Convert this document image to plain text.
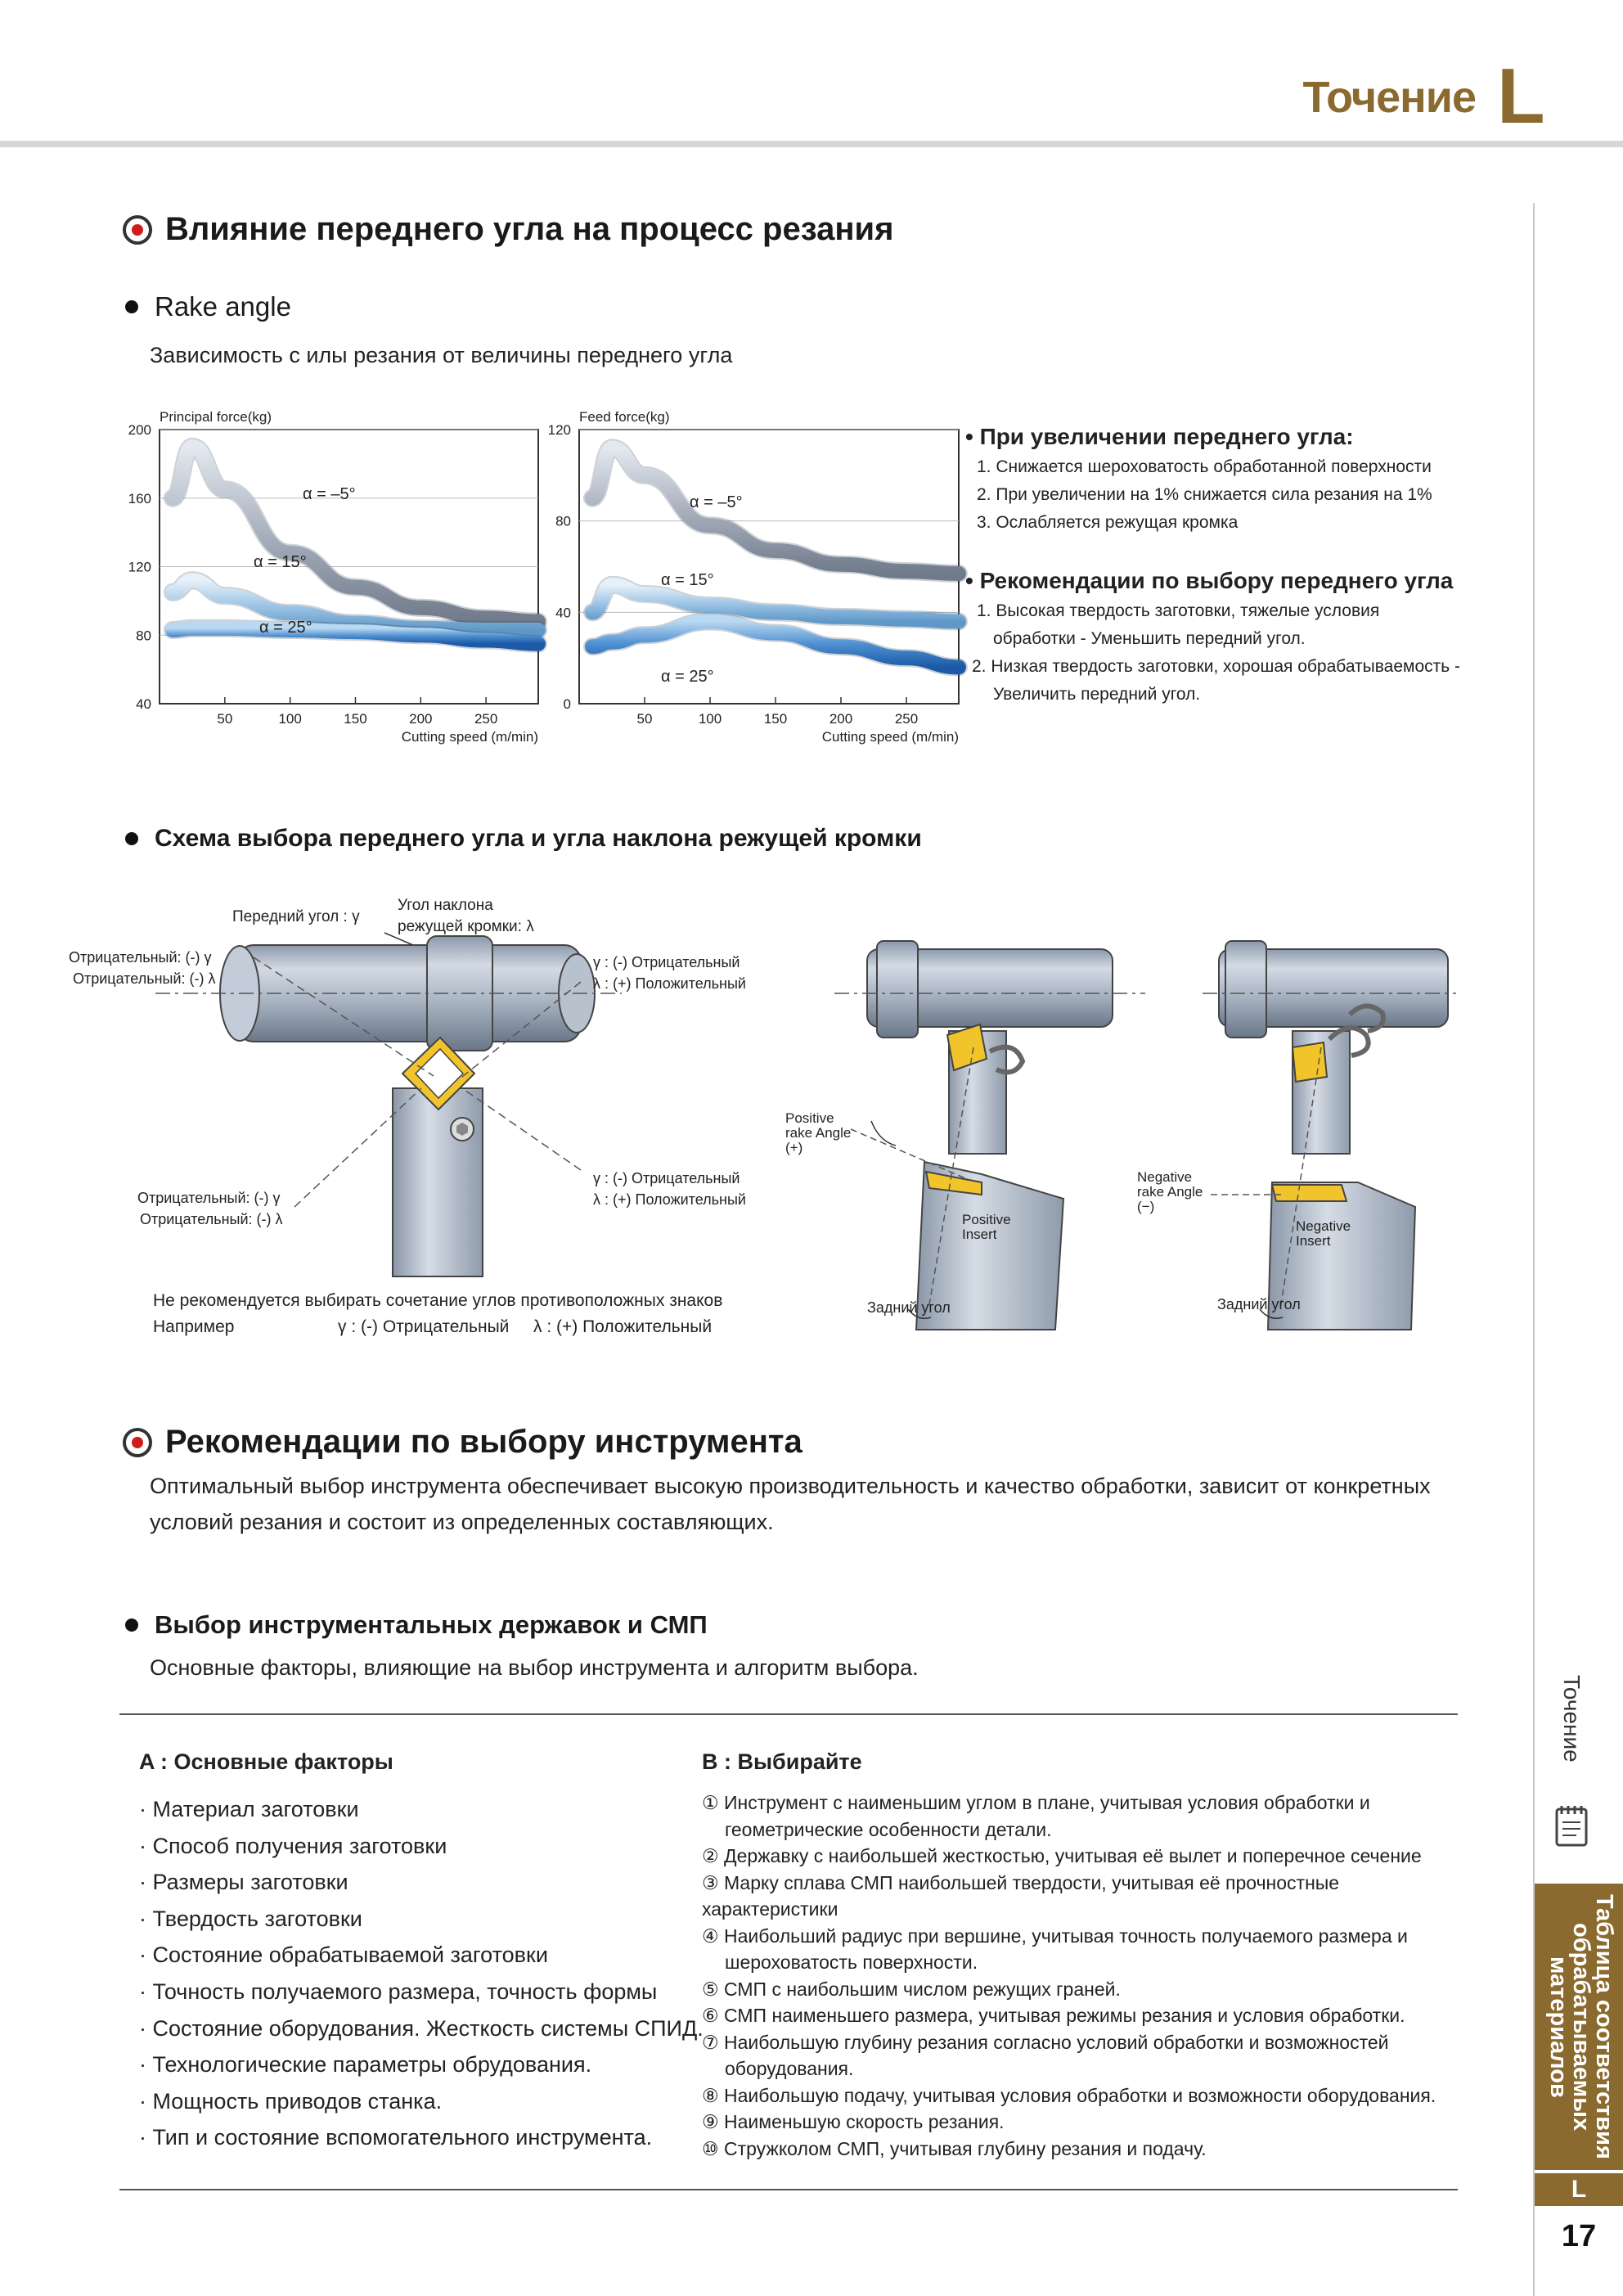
Точение L
Влияние переднего угла на процесс резания
Rake angle
Зависимость с илы резания от величины переднего угла
40
80
120
160
200
50	100	150	200	250
Principal force(kg)
Cutting speed (m/min)
α = –5°
α = 15°
α = 25°
0
40
80
120
50	100	150	200	250
Feed force(kg)
Cutting speed (m/min)
α = –5°
α = 15°
α = 25°
• При увеличении переднего угла:
1. Снижается шероховатость обработанной поверхности
2. При увеличении на 1% снижается сила резания на 1%
3. Ослабляется режущая кромка
• Рекомендации по выбору переднего угла
1. Высокая твердость заготовки, тяжелые условия
обработки - Уменьшить передний угол.
2. Низкая твердость заготовки, хорошая обрабатываемость -
Увеличить передний угол.
Схема выбора переднего угла и угла наклона режущей кромки
Передний угол : γ
Угол наклона
режущей кромки: λ
Отрицательный: (-) γ
Отрицательный: (-) λ
γ : (-) Отрицательный
λ : (+) Положительный
Отрицательный: (-) γ
Отрицательный: (-) λ
γ : (-) Отрицательный
λ : (+) Положительный
Не рекомендуется выбирать сочетание углов противоположных знаков
Например	γ : (-) Отрицательный λ : (+) Положительный
Positive
rake Angle
(+)
Positive
Insert
Negative
rake Angle
(−)
Negative
Insert
Задний угол	Задний угол
Рекомендации по выбору инструмента
Оптимальный выбор инструмента обеспечивает высокую производительность и качество обработки, зависит от конкретных
условий резания и состоит из определенных составляющих.
Выбор инструментальных державок и СМП
Основные факторы, влияющие на выбор инструмента и алгоритм выбора.
A : Основные факторы
· Материал заготовки
· Способ получения заготовки
· Размеры заготовки
· Твердость заготовки
· Состояние обрабатываемой заготовки
· Точность получаемого размера, точность формы
· Состояние оборудования. Жесткость системы СПИД.
· Технологические параметры обрудования.
· Мощность приводов станка.
· Тип и состояние вспомогательного инструмента.
B : Выбирайте
① Инструмент с наименьшим углом в плане, учитывая условия обработки и
геометрические особенности детали.
② Державку с наибольшей жесткостью, учитывая её вылет и поперечное сечение
③ Марку сплава СМП наибольшей твердости, учитывая её прочностные характеристики
④ Наибольший радиус при вершине, учитывая точность получаемого размера и
шероховатость поверхности.
⑤ СМП с наибольшим числом режущих граней.
⑥ СМП наименьшего размера, учитывая режимы резания и условия обработки.
⑦ Наибольшую глубину резания согласно условий обработки и возможностей
оборудования.
⑧ Наибольшую подачу, учитывая условия обработки и возможности оборудования.
⑨ Наименьшую скорость резания.
⑩ Стружколом СМП, учитывая глубину резания и подачу.
Точение
Таблица соответствия обрабатываемых материалов
L
17
